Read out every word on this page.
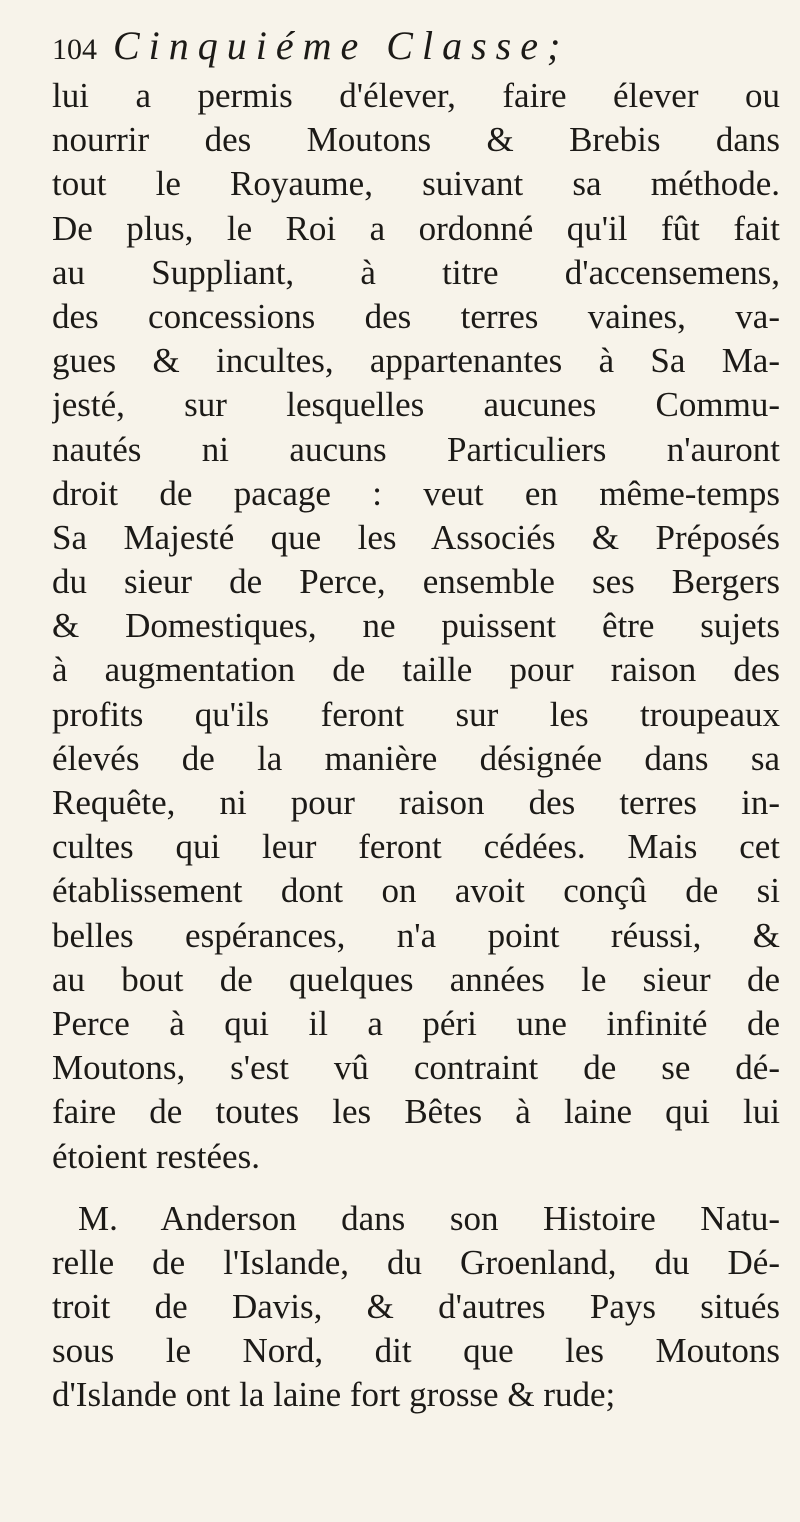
104 Cinquiéme Classe;
lui a permis d'élever, faire élever ou
nourrir des Moutons & Brebis dans
tout le Royaume, suivant sa méthode.
De plus, le Roi a ordonné qu'il fût fait
au Suppliant, à titre d'accensemens,
des concessions des terres vaines, va-
gues & incultes, appartenantes à Sa Ma-
jesté, sur lesquelles aucunes Commu-
nautés ni aucuns Particuliers n'auront
droit de pacage : veut en même-temps
Sa Majesté que les Associés & Préposés
du sieur de Perce, ensemble ses Bergers
& Domestiques, ne puissent être sujets
à augmentation de taille pour raison des
profits qu'ils feront sur les troupeaux
élevés de la manière désignée dans sa
Requête, ni pour raison des terres in-
cultes qui leur feront cédées. Mais cet
établissement dont on avoit conçû de si
belles espérances, n'a point réussi, &
au bout de quelques années le sieur de
Perce à qui il a péri une infinité de
Moutons, s'est vû contraint de se dé-
faire de toutes les Bêtes à laine qui lui
étoient restées.
M. Anderson dans son Histoire Natu-
relle de l'Islande, du Groenland, du Dé-
troit de Davis, & d'autres Pays situés
sous le Nord, dit que les Moutons
d'Islande ont la laine fort grosse & rude;
